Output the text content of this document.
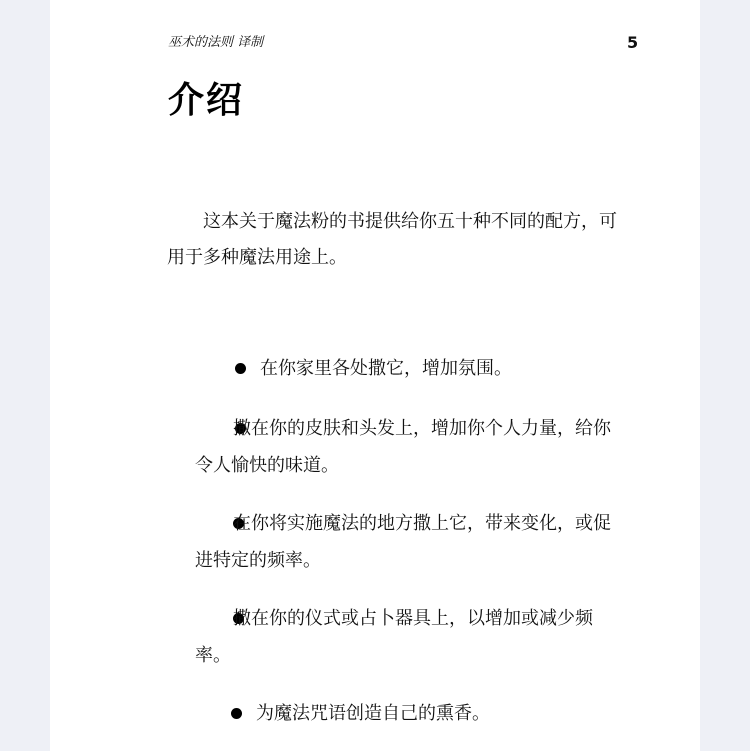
巫术的法则 译制	5
介绍
这本关于魔法粉的书提供给你五十种不同的配方，可用于多种魔法用途上。
在你家里各处撒它，增加氛围。
撒在你的皮肤和头发上，增加你个人力量，给你令人愉快的味道。
在你将实施魔法的地方撒上它，带来变化，或促进特定的频率。
撒在你的仪式或占卜器具上，以增加或减少频率。
为魔法咒语创造自己的熏香。
